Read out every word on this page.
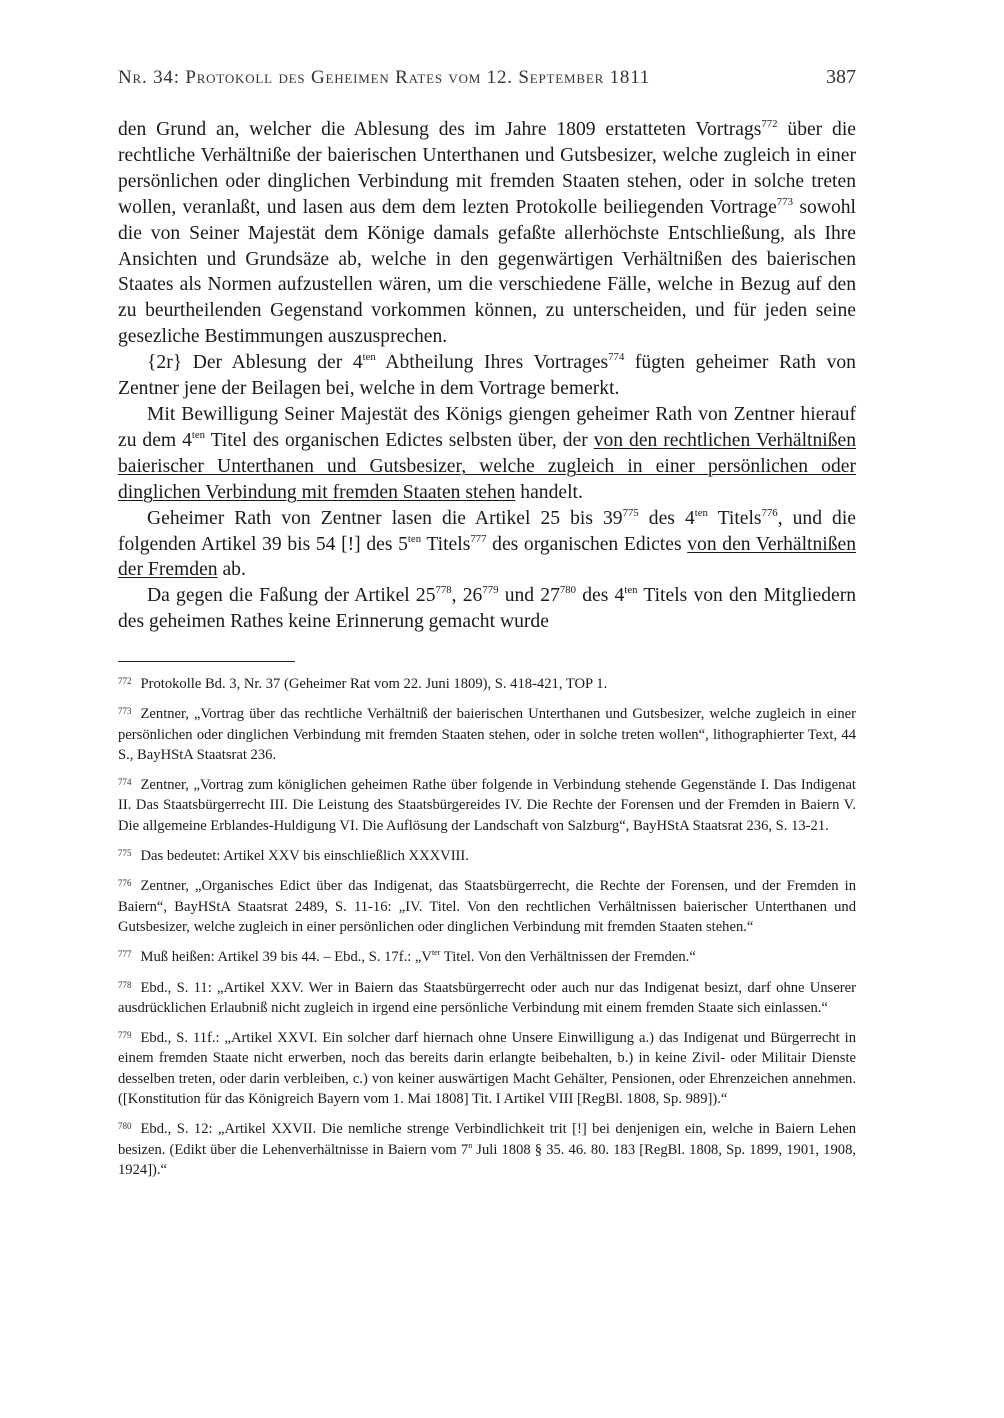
Nr. 34: Protokoll des Geheimen Rates vom 12. September 1811	387

den Grund an, welcher die Ablesung des im Jahre 1809 erstatteten Vortrags$^{772}$ über die rechtliche Verhältniße der baierischen Unterthanen und Gutsbesizer, welche zugleich in einer persönlichen oder dinglichen Verbindung mit fremden Staaten stehen, oder in solche treten wollen, veranlaßt, und lasen aus dem dem lezten Protokolle beiliegenden Vortrage$^{773}$ sowohl die von Seiner Majestät dem Könige damals gefaßte allerhöchste Entschließung, als Ihre Ansichten und Grundsäze ab, welche in den gegenwärtigen Verhältnißen des baierischen Staates als Normen aufzustellen wären, um die verschiedene Fälle, welche in Bezug auf den zu beurtheilenden Gegenstand vorkommen können, zu unterscheiden, und für jeden seine gesezliche Bestimmungen auszusprechen.

{2r} Der Ablesung der $4^{ten}$ Abtheilung Ihres Vortrages$^{774}$ fügten geheimer Rath von Zentner jene der Beilagen bei, welche in dem Vortrage bemerkt.

Mit Bewilligung Seiner Majestät des Königs giengen geheimer Rath von Zentner hierauf zu dem $4^{ten}$ Titel des organischen Edictes selbsten über, der von den rechtlichen Verhältnißen baierischer Unterthanen und Gutsbesizer, welche zugleich in einer persönlichen oder dinglichen Verbindung mit fremden Staaten stehen handelt.

Geheimer Rath von Zentner lasen die Artikel 25 bis $39^{775}$ des $4^{ten}$ Titels$^{776}$, und die folgenden Artikel 39 bis 54 [!] des $5^{ten}$ Titels$^{777}$ des organischen Edictes von den Verhältnißen der Fremden ab.

Da gegen die Faßung der Artikel $25^{778}$, $26^{779}$ und $27^{780}$ des $4^{ten}$ Titels von den Mitgliedern des geheimen Rathes keine Erinnerung gemacht wurde

$^{772}$ Protokolle Bd. 3, Nr. 37 (Geheimer Rat vom 22. Juni 1809), S. 418-421, TOP 1.

$^{773}$ Zentner, „Vortrag über das rechtliche Verhältniß der baierischen Unterthanen und Gutsbesizer, welche zugleich in einer persönlichen oder dinglichen Verbindung mit fremden Staaten stehen, oder in solche treten wollen“, lithographierter Text, 44 S., BayHStA Staatsrat 236.

$^{774}$ Zentner, „Vortrag zum königlichen geheimen Rathe über folgende in Verbindung stehende Gegenstände I. Das Indigenat II. Das Staatsbürgerrecht III. Die Leistung des Staatsbürgereides IV. Die Rechte der Forensen und der Fremden in Baiern V. Die allgemeine Erblandes-Huldigung VI. Die Auflösung der Landschaft von Salzburg“, BayHStA Staatsrat 236, S. 13-21.

$^{775}$ Das bedeutet: Artikel XXV bis einschließlich XXXVIII.

$^{776}$ Zentner, „Organisches Edict über das Indigenat, das Staatsbürgerrecht, die Rechte der Forensen, und der Fremden in Baiern“, BayHStA Staatsrat 2489, S. 11-16: „IV. Titel. Von den rechtlichen Verhältnissen baierischer Unterthanen und Gutsbesizer, welche zugleich in einer persönlichen oder dinglichen Verbindung mit fremden Staaten stehen.“

$^{777}$ Muß heißen: Artikel 39 bis 44. – Ebd., S. 17f.: $„V^{ter}$ Titel. Von den Verhältnissen der Fremden.“

$^{778}$ Ebd., S. 11: „Artikel XXV. Wer in Baiern das Staatsbürgerrecht oder auch nur das Indigenat besizt, darf ohne Unserer ausdrücklichen Erlaubniß nicht zugleich in irgend eine persönliche Verbindung mit einem fremden Staate sich einlassen.“

$^{779}$ Ebd., S. 11f.: „Artikel XXVI. Ein solcher darf hiernach ohne Unsere Einwilligung a.) das Indigenat und Bürgerrecht in einem fremden Staate nicht erwerben, noch das bereits darin erlangte beibehalten, b.) in keine Zivil- oder Militair Dienste desselben treten, oder darin verbleiben, c.) von keiner auswärtigen Macht Gehälter, Pensionen, oder Ehrenzeichen annehmen. ([Konstitution für das Königreich Bayern vom 1. Mai 1808] Tit. I Artikel VIII [RegBl. 1808, Sp. 989]).“

$^{780}$ Ebd., S. 12: „Artikel XXVII. Die nemliche strenge Verbindlichkeit trit [!] bei denjenigen ein, welche in Baiern Lehen besizen. (Edikt über die Lehenverhältnisse in Baiern vom 7$^n$ Juli 1808 § 35. 46. 80. 183 [RegBl. 1808, Sp. 1899, 1901, 1908, 1924]).“
